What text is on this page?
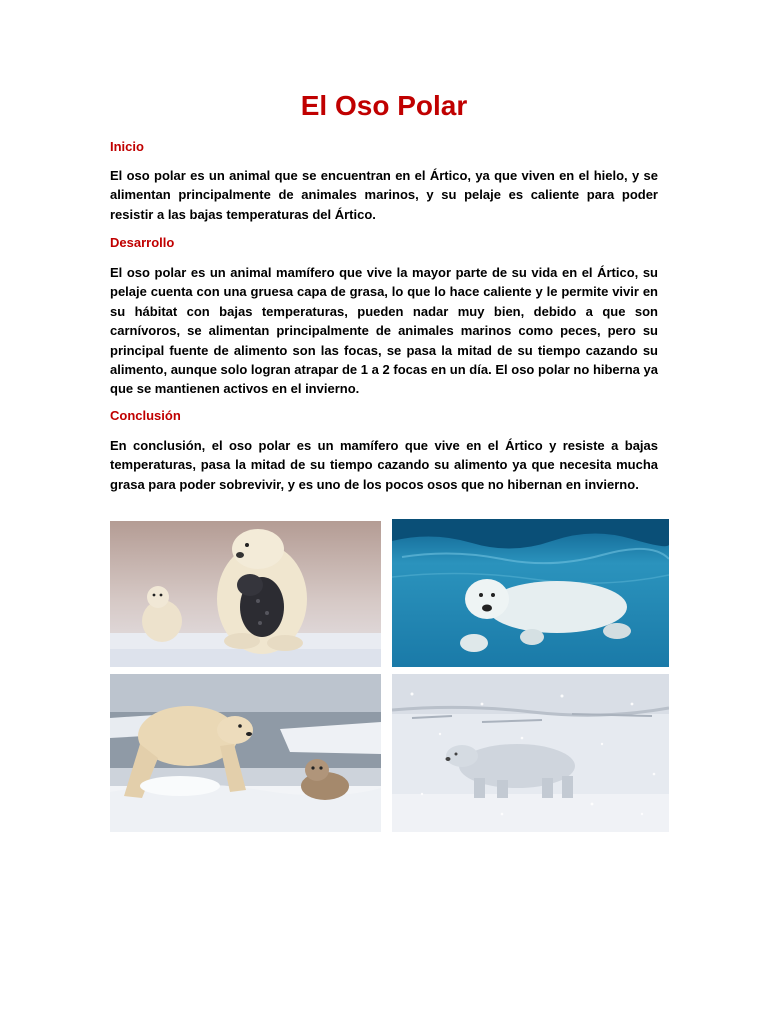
El Oso Polar
Inicio

El oso polar es un animal que se encuentran en el Ártico, ya que viven en el hielo, y se alimentan principalmente de animales marinos, y su pelaje es caliente para poder resistir a las bajas temperaturas del Ártico.

Desarrollo

El oso polar es un animal mamífero que vive la mayor parte de su vida en el Ártico, su pelaje cuenta con una gruesa capa de grasa, lo que lo hace caliente y le permite vivir en su hábitat con bajas temperaturas, pueden nadar muy bien, debido a que son carnívoros, se alimentan principalmente de animales marinos como peces, pero su principal fuente de alimento son las focas, se pasa la mitad de su tiempo cazando su alimento, aunque solo logran atrapar de 1 a 2 focas en un día. El oso polar no hiberna ya que se mantienen activos en el invierno.

Conclusión

En conclusión, el oso polar es un mamífero que vive en el Ártico y resiste a bajas temperaturas, pasa la mitad de su tiempo cazando su alimento ya que necesita mucha grasa para poder sobrevivir, y es uno de los pocos osos que no hibernan en invierno.
